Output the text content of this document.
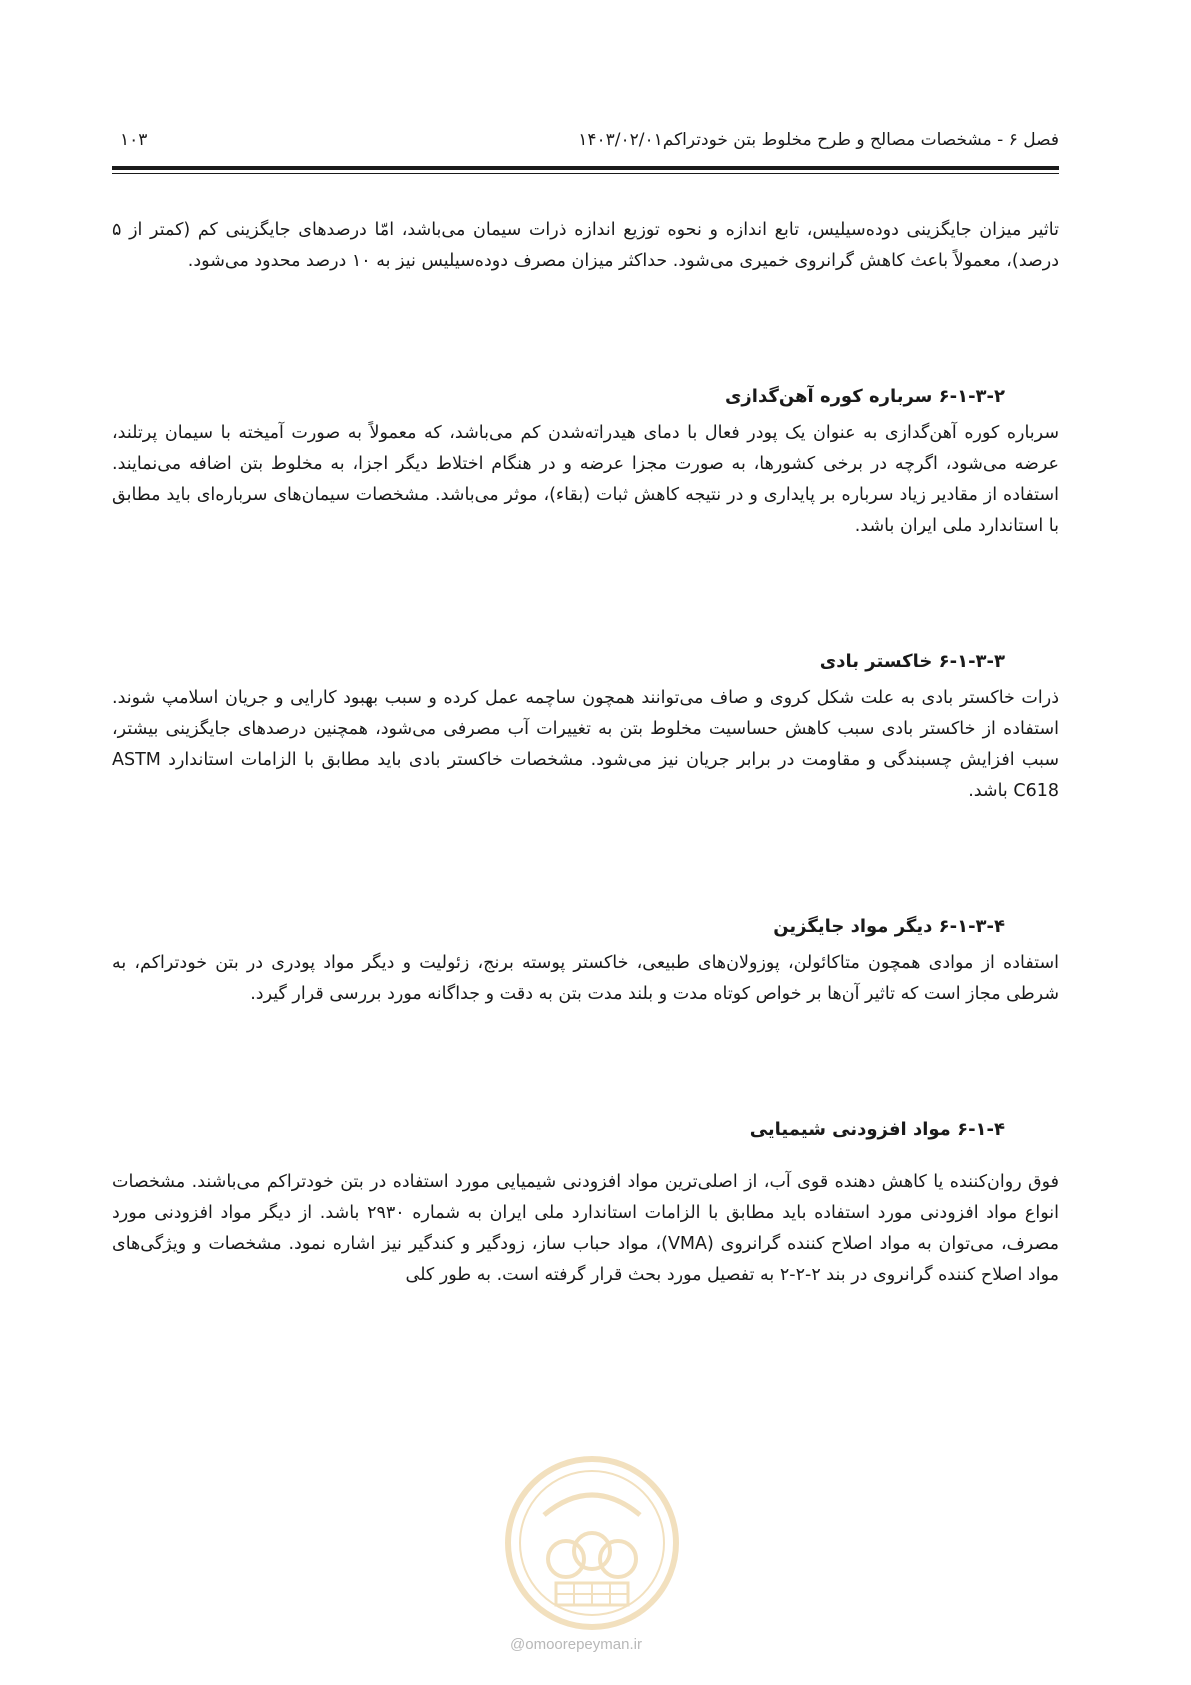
فصل ۶ - مشخصات مصالح و طرح مخلوط بتن خودتراکم۱۴۰۳/۰۲/۰۱
۱۰۳

تاثیر میزان جایگزینی دوده‌سیلیس، تابع اندازه و نحوه توزیع اندازه ذرات سیمان می‌باشد، امّا درصدهای جایگزینی کم (کمتر از ۵ درصد)، معمولاً باعث کاهش گرانروی خمیری می‌شود. حداکثر میزان مصرف دوده‌سیلیس نیز به ۱۰ درصد محدود می‌شود.

۶-۱-۳-۲ سرباره کوره آهن‌گدازی

سرباره کوره آهن‌گدازی به عنوان یک پودر فعال با دمای هیدراته‌شدن کم می‌باشد، که معمولاً به صورت آمیخته با سیمان پرتلند، عرضه می‌شود، اگرچه در برخی کشورها، به صورت مجزا عرضه و در هنگام اختلاط دیگر اجزا، به مخلوط بتن اضافه می‌نمایند. استفاده از مقادیر زیاد سرباره بر پایداری و در نتیجه کاهش ثبات (بقاء)، موثر می‌باشد. مشخصات سیمان‌های سرباره‌ای باید مطابق با استاندارد ملی ایران باشد.

۶-۱-۳-۳ خاکستر بادی

ذرات خاکستر بادی به علت شکل کروی و صاف می‌توانند همچون ساچمه عمل کرده و سبب بهبود کارایی و جریان اسلامپ شوند. استفاده از خاکستر بادی سبب کاهش حساسیت مخلوط بتن به تغییرات آب مصرفی می‌شود، همچنین درصدهای جایگزینی بیشتر، سبب افزایش چسبندگی و مقاومت در برابر جریان نیز می‌شود. مشخصات خاکستر بادی باید مطابق با الزامات استاندارد ASTM C618 باشد.

۶-۱-۳-۴ دیگر مواد جایگزین

استفاده از موادی همچون متاکائولن، پوزولان‌های طبیعی، خاکستر پوسته برنج، زئولیت و دیگر مواد پودری در بتن خودتراکم، به شرطی مجاز است که تاثیر آن‌ها بر خواص کوتاه مدت و بلند مدت بتن به دقت و جداگانه مورد بررسی قرار گیرد.

۶-۱-۴ مواد افزودنی شیمیایی

فوق روان‌کننده یا کاهش دهنده قوی آب، از اصلی‌ترین مواد افزودنی شیمیایی مورد استفاده در بتن خودتراکم می‌باشند. مشخصات انواع مواد افزودنی مورد استفاده باید مطابق با الزامات استاندارد ملی ایران به شماره ۲۹۳۰ باشد. از دیگر مواد افزودنی مورد مصرف، می‌توان به مواد اصلاح کننده گرانروی (VMA)، مواد حباب ساز، زودگیر و کندگیر نیز اشاره نمود. مشخصات و ویژگی‌های مواد اصلاح کننده گرانروی در بند ۲-۲-۲ به تفصیل مورد بحث قرار گرفته است. به طور کلی

@omoorepeyman.ir
